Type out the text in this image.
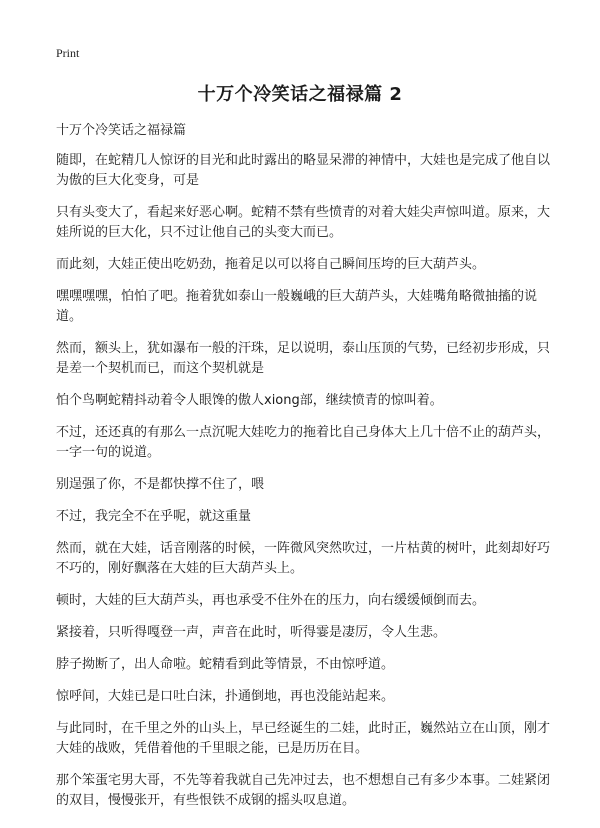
Print
十万个冷笑话之福禄篇 2

十万个冷笑话之福禄篇

随即，在蛇精几人惊讶的目光和此时露出的略显呆滞的神情中，大娃也是完成了他自以为傲的巨大化变身，可是

只有头变大了，看起来好恶心啊。蛇精不禁有些愤青的对着大娃尖声惊叫道。原来，大娃所说的巨大化，只不过让他自己的头变大而已。

而此刻，大娃正使出吃奶劲，拖着足以可以将自己瞬间压垮的巨大葫芦头。

嘿嘿嘿嘿，怕怕了吧。拖着犹如泰山一般巍峨的巨大葫芦头，大娃嘴角略微抽搐的说道。

然而，额头上，犹如瀑布一般的汗珠，足以说明，泰山压顶的气势，已经初步形成，只是差一个契机而已，而这个契机就是

怕个鸟啊蛇精抖动着令人眼馋的傲人xiong部，继续愤青的惊叫着。

不过，还还真的有那么一点沉呢大娃吃力的拖着比自己身体大上几十倍不止的葫芦头，一字一句的说道。

别逞强了你，不是都快撑不住了，喂

不过，我完全不在乎呢，就这重量

然而，就在大娃，话音刚落的时候，一阵微风突然吹过，一片枯黄的树叶，此刻却好巧不巧的，刚好飘落在大娃的巨大葫芦头上。

顿时，大娃的巨大葫芦头，再也承受不住外在的压力，向右缓缓倾倒而去。

紧接着，只听得嘎登一声，声音在此时，听得霎是凄厉，令人生悲。

脖子拗断了，出人命啦。蛇精看到此等情景，不由惊呼道。

惊呼间，大娃已是口吐白沫，扑通倒地，再也没能站起来。

与此同时，在千里之外的山头上，早已经诞生的二娃，此时正，巍然站立在山顶，刚才大娃的战败，凭借着他的千里眼之能，已是历历在目。

那个笨蛋宅男大哥，不先等着我就自己先冲过去，也不想想自己有多少本事。二娃紧闭的双目，慢慢张开，有些恨铁不成钢的摇头叹息道。
